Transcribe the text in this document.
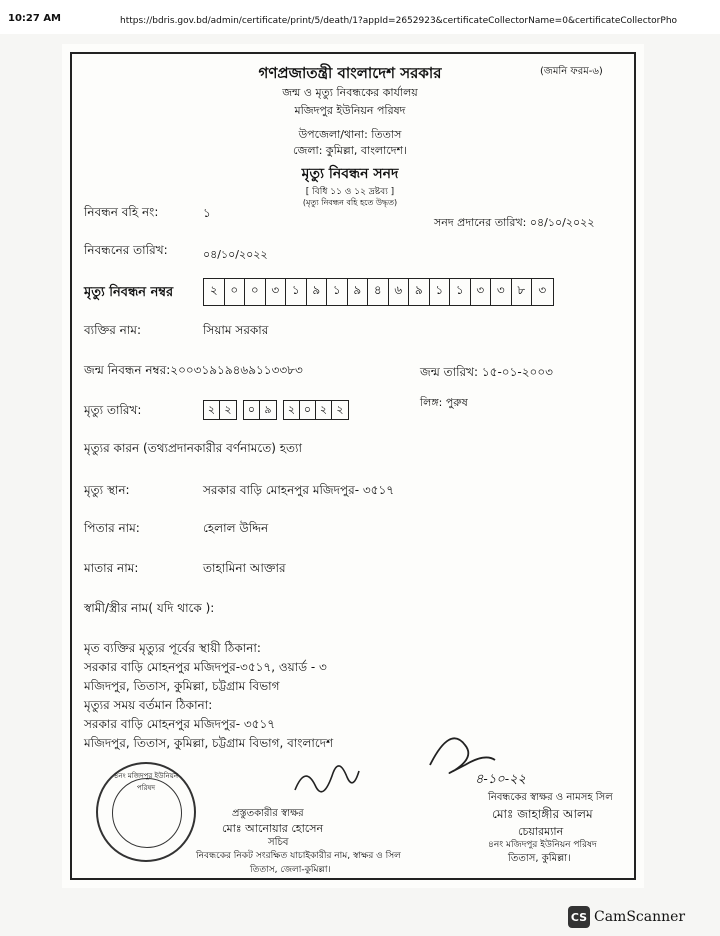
10:27 AM	https://bdris.gov.bd/admin/certificate/print/5/death/1?appId=2652923&certificateCollectorName=0&certificateCollectorPho
গণপ্রজাতন্ত্রী বাংলাদেশ সরকার	(জমনি ফরম-৬)
জন্ম ও মৃত্যু নিবন্ধকের কার্যালয়
মজিদপুর ইউনিয়ন পরিষদ
উপজেলা/থানা: তিতাস
জেলা: কুমিল্লা, বাংলাদেশ।
মৃত্যু নিবন্ধন সনদ
[ বিধি ১১ ও ১২ দ্রষ্টব্য ]
(মৃত্যু নিবন্ধন বহি হতে উদ্ধৃত)
নিবন্ধন বহি নং:	১
সনদ প্রদানের তারিখ: ০৪/১০/২০২২
নিবন্ধনের তারিখ:	০৪/১০/২০২২
মৃত্যু নিবন্ধন নম্বর	২	০	০	৩	১	৯	১	৯	৪	৬	৯	১	১	৩	৩	৮	৩
ব্যক্তির নাম:	সিয়াম সরকার
জন্ম নিবন্ধন নম্বর:২০০৩১৯১৯৪৬৯১১৩৩৮৩	জন্ম তারিখ: ১৫-০১-২০০৩
মৃত্যু তারিখ:	২ ২	০ ৯	২ ০ ২ ২	লিঙ্গ: পুরুষ
মৃত্যুর কারন (তথ্যপ্রদানকারীর বর্ণনামতে) হত্যা
মৃত্যু স্থান:	সরকার বাড়ি মোহনপুর মজিদপুর- ৩৫১৭
পিতার নাম:	হেলাল উদ্দিন
মাতার নাম:	তাহামিনা আক্তার
স্বামী/স্ত্রীর নাম( যদি থাকে ):
মৃত ব্যক্তির মৃত্যুর পূর্বের স্থায়ী ঠিকানা:
সরকার বাড়ি মোহনপুর মজিদপুর-৩৫১৭, ওয়ার্ড - ৩
মজিদপুর, তিতাস, কুমিল্লা, চট্টগ্রাম বিভাগ
মৃত্যুর সময় বর্তমান ঠিকানা:
সরকার বাড়ি মোহনপুর মজিদপুর- ৩৫১৭
মজিদপুর, তিতাস, কুমিল্লা, চট্টগ্রাম বিভাগ, বাংলাদেশ
৪নং মজিদপুর ইউনিয়ন পরিষদ
৪-১০-২২
প্রস্তুতকারীর স্বাক্ষর
মোঃ আনোয়ার হোসেন
সচিব
নিবন্ধকের স্বাক্ষর ও নামসহ সিল
মোঃ জাহাঙ্গীর আলম
চেয়ারম্যান
৪নং মজিদপুর ইউনিয়ন পরিষদ
তিতাস, কুমিল্লা।
নিবন্ধকের নিকট সংরক্ষিত যাচাইকারীর নাম, স্বাক্ষর ও সিল
তিতাস, জেলা-কুমিল্লা।
CS CamScanner
